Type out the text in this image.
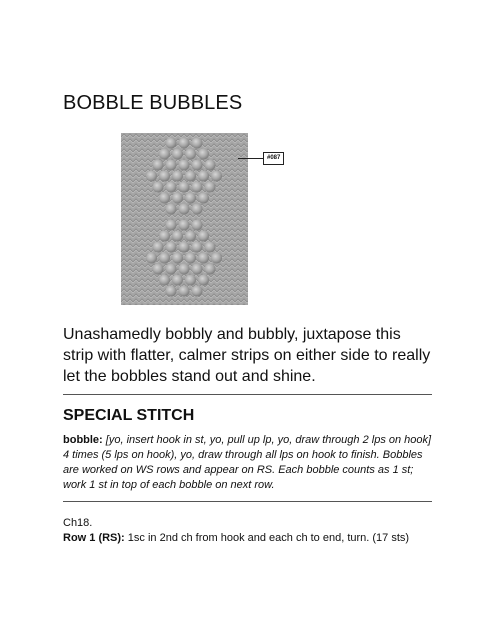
BOBBLE BUBBLES
#087

Unashamedly bobbly and bubbly, juxtapose this strip with flatter, calmer strips on either side to really let the bobbles stand out and shine.

SPECIAL STITCH

bobble: [yo, insert hook in st, yo, pull up lp, yo, draw through 2 lps on hook] 4 times (5 lps on hook), yo, draw through all lps on hook to finish. Bobbles are worked on WS rows and appear on RS. Each bobble counts as 1 st; work 1 st in top of each bobble on next row.

Ch18.
Row 1 (RS): 1sc in 2nd ch from hook and each ch to end, turn. (17 sts)
